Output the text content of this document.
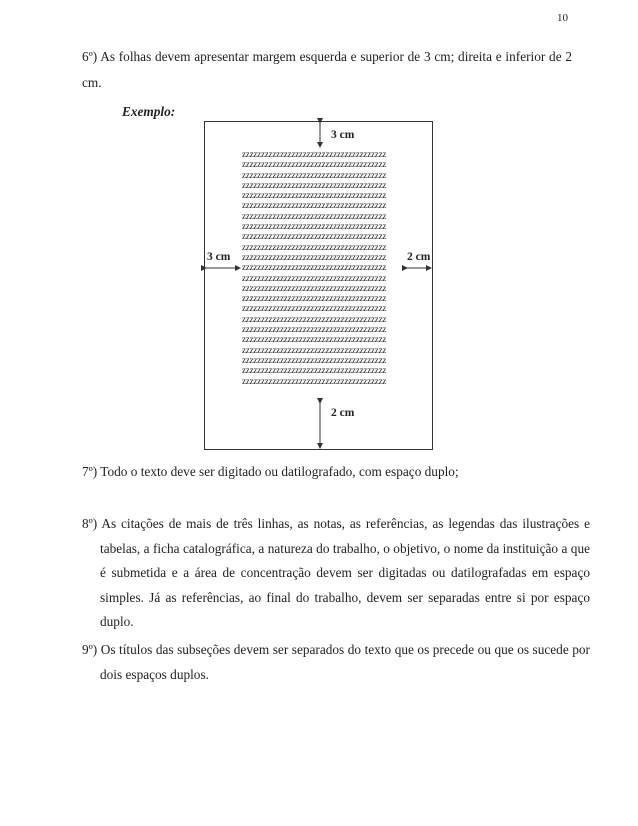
10
6º) As folhas devem apresentar margem esquerda e superior de 3 cm; direita e inferior de 2 cm.
Exemplo:
zzzzzzzzzzzzzzzzzzzzzzzzzzzzzzzzzzzzzz
zzzzzzzzzzzzzzzzzzzzzzzzzzzzzzzzzzzzzz
zzzzzzzzzzzzzzzzzzzzzzzzzzzzzzzzzzzzzz
zzzzzzzzzzzzzzzzzzzzzzzzzzzzzzzzzzzzzz
zzzzzzzzzzzzzzzzzzzzzzzzzzzzzzzzzzzzzz
zzzzzzzzzzzzzzzzzzzzzzzzzzzzzzzzzzzzzz
zzzzzzzzzzzzzzzzzzzzzzzzzzzzzzzzzzzzzz
zzzzzzzzzzzzzzzzzzzzzzzzzzzzzzzzzzzzzz
zzzzzzzzzzzzzzzzzzzzzzzzzzzzzzzzzzzzzz
zzzzzzzzzzzzzzzzzzzzzzzzzzzzzzzzzzzzzz
zzzzzzzzzzzzzzzzzzzzzzzzzzzzzzzzzzzzzz
zzzzzzzzzzzzzzzzzzzzzzzzzzzzzzzzzzzzzz
zzzzzzzzzzzzzzzzzzzzzzzzzzzzzzzzzzzzzz
zzzzzzzzzzzzzzzzzzzzzzzzzzzzzzzzzzzzzz
zzzzzzzzzzzzzzzzzzzzzzzzzzzzzzzzzzzzzz
zzzzzzzzzzzzzzzzzzzzzzzzzzzzzzzzzzzzzz
zzzzzzzzzzzzzzzzzzzzzzzzzzzzzzzzzzzzzz
zzzzzzzzzzzzzzzzzzzzzzzzzzzzzzzzzzzzzz
zzzzzzzzzzzzzzzzzzzzzzzzzzzzzzzzzzzzzz
zzzzzzzzzzzzzzzzzzzzzzzzzzzzzzzzzzzzzz
zzzzzzzzzzzzzzzzzzzzzzzzzzzzzzzzzzzzzz
zzzzzzzzzzzzzzzzzzzzzzzzzzzzzzzzzzzzzz
zzzzzzzzzzzzzzzzzzzzzzzzzzzzzzzzzzzzzz
3 cm
3 cm	2 cm
2 cm
7º) Todo o texto deve ser digitado ou datilografado, com espaço duplo;
8º) As citações de mais de três linhas, as notas, as referências, as legendas das ilustrações e tabelas, a ficha catalográfica, a natureza do trabalho, o objetivo, o nome da instituição a que é submetida e a área de concentração devem ser digitadas ou datilografadas em espaço simples. Já as referências, ao final do trabalho, devem ser separadas entre si por espaço duplo.
9º) Os títulos das subseções devem ser separados do texto que os precede ou que os sucede por dois espaços duplos.
